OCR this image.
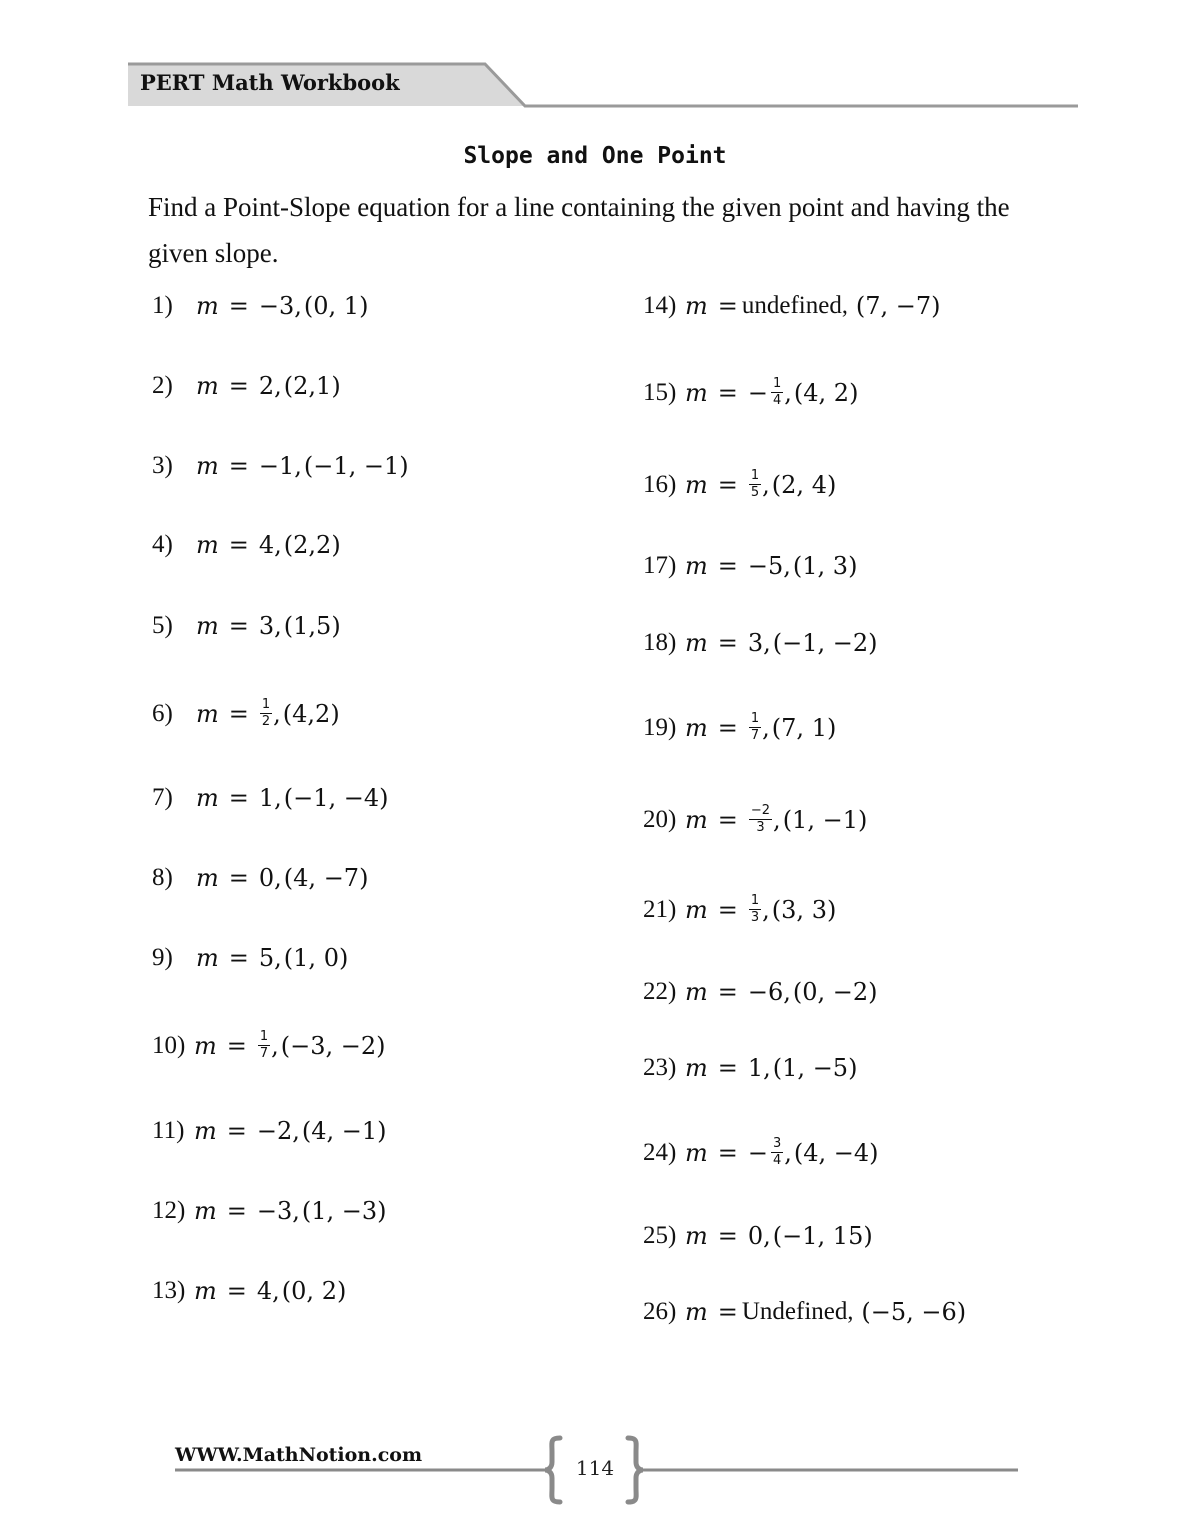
PERT Math Workbook
Slope and One Point
Find a Point-Slope equation for a line containing the given point and having the given slope.
1) m = −3 , (0, 1)
2) m = 2 , (2,1)
3) m = −1 , (−1, −1)
4) m = 4 , (2,2)
5) m = 3 , (1,5)
6) $m = \frac{1}{2}$ , (4,2)
7) m = 1 , (−1, −4)
8) m = 0 , (4, −7)
9) m = 5 , (1, 0)
10) $m = \frac{1}{7}$ , (−3, −2)
11) m = −2 , (4, −1)
12) m = −3 , (1, −3)
13) m = 4 , (0, 2)
14) m = undefined , (7, −7)
15) m = − $\frac{1}{4}$ , (4, 2)
16) $m = \frac{1}{5}$ , (2, 4)
17) m = −5 , (1, 3)
18) m = 3 , (−1, −2)
19) $m = \frac{1}{7}$ , (7, 1)
20) $m = \frac{-2}{3}$ , (1, −1)
21) $m = \frac{1}{3}$ , (3, 3)
22) m = −6 , (0, −2)
23) m = 1 , (1, −5)
24) m = − $\frac{3}{4}$ , (4, −4)
25) m = 0 , (−1, 15)
26) m = Undefined , (−5, −6)
WWW.MathNotion.com
114
